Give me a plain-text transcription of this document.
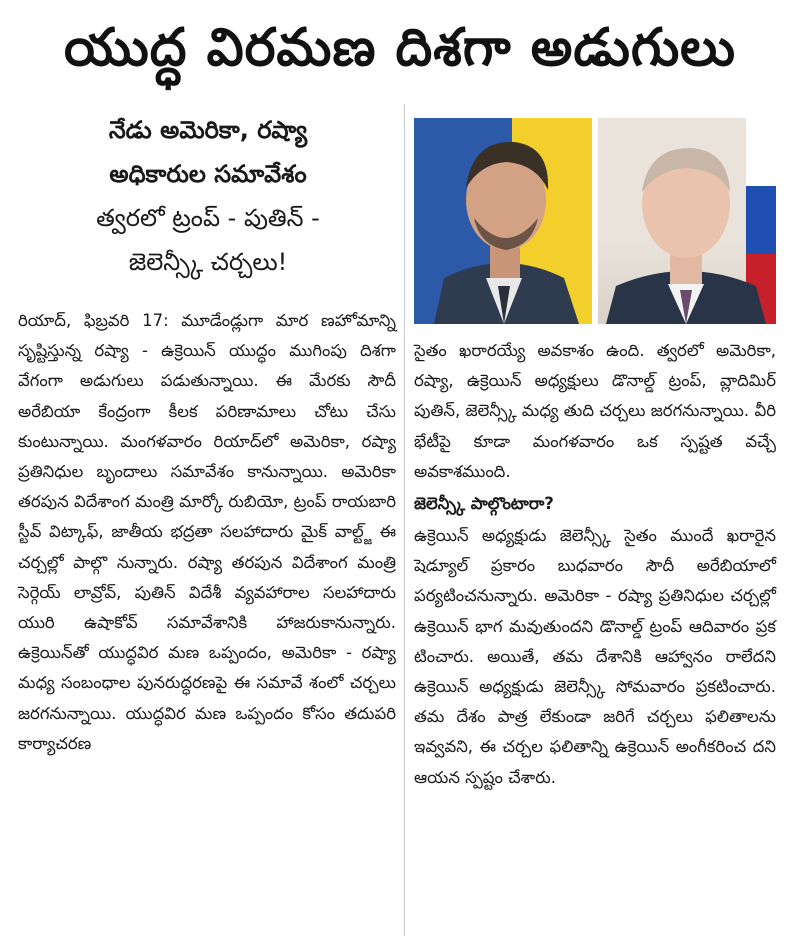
యుద్ధ విరమణ దిశగా అడుగులు

నేడు అమెరికా, రష్యా

అధికారుల సమావేశం

త్వరలో ట్రంప్ - పుతిన్ -

జెలెన్స్కీ చర్చలు!

రియాద్, ఫిబ్రవరి 17: మూడేండ్లుగా మార ణహోమాన్ని సృష్టిస్తున్న రష్యా - ఉక్రెయిన్ యుద్ధం ముగింపు దిశగా వేగంగా అడుగులు పడుతున్నాయి. ఈ మేరకు సౌదీ అరేబియా కేంద్రంగా కీలక పరిణామాలు చోటు చేసు కుంటున్నాయి. మంగళవారం రియాద్‌లో అమెరికా, రష్యా ప్రతినిధుల బృందాలు సమావేశం కానున్నాయి. అమెరికా తరపున విదేశాంగ మంత్రి మార్కో రుబియో, ట్రంప్ రాయబారి స్టీవ్ విట్కాఫ్, జాతీయ భద్రతా సలహాదారు మైక్ వాల్ట్జ్ ఈ చర్చల్లో పాల్గొ నున్నారు. రష్యా తరపున విదేశాంగ మంత్రి సెర్గెయ్ లావ్రోవ్, పుతిన్ విదేశీ వ్యవహారాల సలహాదారు యురి ఉషాకోవ్ సమావేశానికి హాజరుకానున్నారు. ఉక్రెయిన్‌తో యుద్ధవిర మణ ఒప్పందం, అమెరికా - రష్యా మధ్య సంబంధాల పునరుద్ధరణపై ఈ సమావే శంలో చర్చలు జరగనున్నాయి. యుద్ధవిర మణ ఒప్పందం కోసం తదుపరి కార్యాచరణ

సైతం ఖరారయ్యే అవకాశం ఉంది. త్వరలో అమెరికా, రష్యా, ఉక్రెయిన్ అధ్యక్షులు డొనాల్డ్ ట్రంప్, వ్లాదిమిర్ పుతిన్, జెలెన్స్కీ మధ్య తుది చర్చలు జరగనున్నాయి. వీరి భేటీపై కూడా మంగళవారం ఒక స్పష్టత వచ్చే అవకాశముంది.

జెలెన్స్కీ పాల్గొంటారా?

ఉక్రెయిన్ అధ్యక్షుడు జెలెన్స్కీ సైతం ముందే ఖరారైన షెడ్యూల్ ప్రకారం బుధవారం సౌదీ అరేబియాలో పర్యటించనున్నారు. అమెరికా - రష్యా ప్రతినిధుల చర్చల్లో ఉక్రెయిన్ భాగ మవుతుందని డొనాల్డ్ ట్రంప్ ఆదివారం ప్రక టించారు. అయితే, తమ దేశానికి ఆహ్వానం రాలేదని ఉక్రెయిన్ అధ్యక్షుడు జెలెన్స్కీ సోమవారం ప్రకటించారు. తమ దేశం పాత్ర లేకుండా జరిగే చర్చలు ఫలితాలను ఇవ్వవని, ఈ చర్చల ఫలితాన్ని ఉక్రెయిన్ అంగీకరించ దని ఆయన స్పష్టం చేశారు.
